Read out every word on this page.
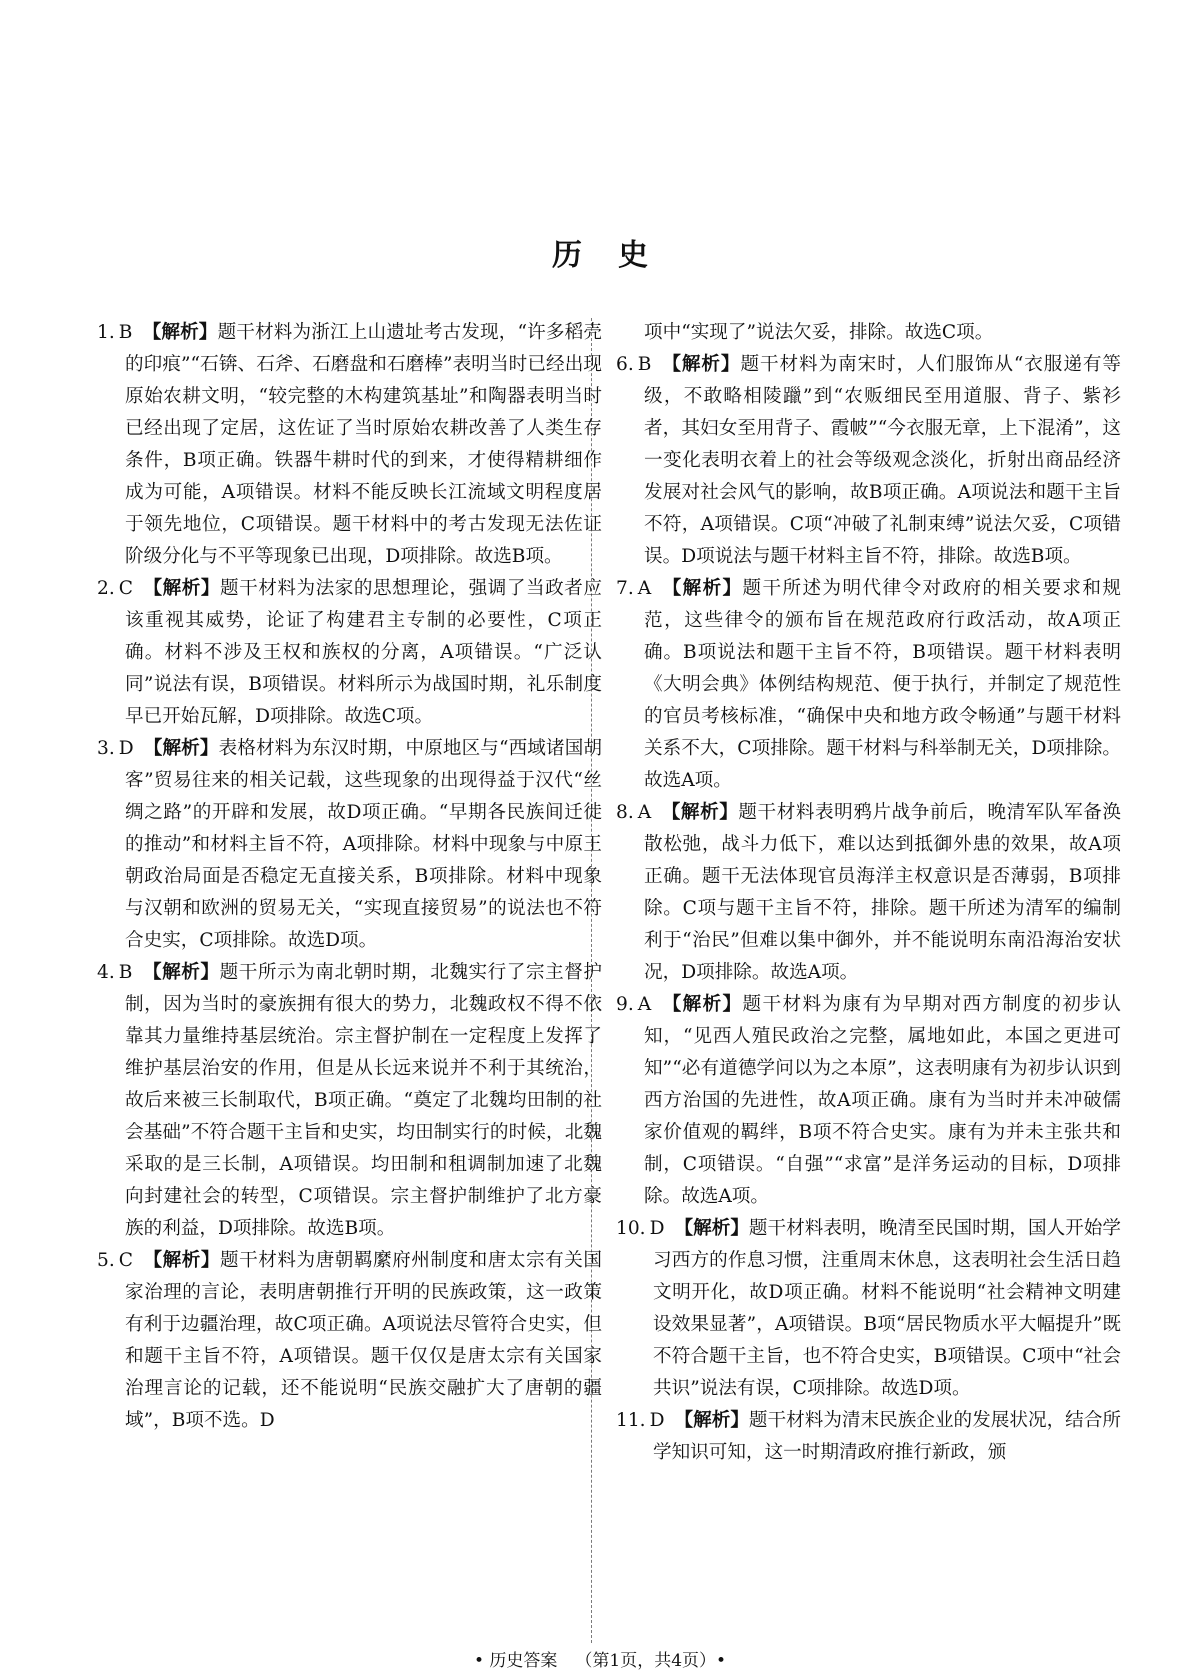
历史

1. B 【解析】题干材料为浙江上山遗址考古发现，“许多稻壳的印痕”“石锛、石斧、石磨盘和石磨棒”表明当时已经出现原始农耕文明，“较完整的木构建筑基址”和陶器表明当时已经出现了定居，这佐证了当时原始农耕改善了人类生存条件，B项正确。铁器牛耕时代的到来，才使得精耕细作成为可能，A项错误。材料不能反映长江流域文明程度居于领先地位，C项错误。题干材料中的考古发现无法佐证阶级分化与不平等现象已出现，D项排除。故选B项。

2. C 【解析】题干材料为法家的思想理论，强调了当政者应该重视其威势，论证了构建君主专制的必要性，C项正确。材料不涉及王权和族权的分离，A项错误。“广泛认同”说法有误，B项错误。材料所示为战国时期，礼乐制度早已开始瓦解，D项排除。故选C项。

3. D 【解析】表格材料为东汉时期，中原地区与“西域诸国胡客”贸易往来的相关记载，这些现象的出现得益于汉代“丝绸之路”的开辟和发展，故D项正确。“早期各民族间迁徙的推动”和材料主旨不符，A项排除。材料中现象与中原王朝政治局面是否稳定无直接关系，B项排除。材料中现象与汉朝和欧洲的贸易无关，“实现直接贸易”的说法也不符合史实，C项排除。故选D项。

4. B 【解析】题干所示为南北朝时期，北魏实行了宗主督护制，因为当时的豪族拥有很大的势力，北魏政权不得不依靠其力量维持基层统治。宗主督护制在一定程度上发挥了维护基层治安的作用，但是从长远来说并不利于其统治，故后来被三长制取代，B项正确。“奠定了北魏均田制的社会基础”不符合题干主旨和史实，均田制实行的时候，北魏采取的是三长制，A项错误。均田制和租调制加速了北魏向封建社会的转型，C项错误。宗主督护制维护了北方豪族的利益，D项排除。故选B项。

5. C 【解析】题干材料为唐朝羁縻府州制度和唐太宗有关国家治理的言论，表明唐朝推行开明的民族政策，这一政策有利于边疆治理，故C项正确。A项说法尽管符合史实，但和题干主旨不符，A项错误。题干仅仅是唐太宗有关国家治理言论的记载，还不能说明“民族交融扩大了唐朝的疆域”，B项不选。D

项中“实现了”说法欠妥，排除。故选C项。

6. B 【解析】题干材料为南宋时，人们服饰从“衣服递有等级，不敢略相陵躐”到“农贩细民至用道服、背子、紫衫者，其妇女至用背子、霞帔”“今衣服无章，上下混淆”，这一变化表明衣着上的社会等级观念淡化，折射出商品经济发展对社会风气的影响，故B项正确。A项说法和题干主旨不符，A项错误。C项“冲破了礼制束缚”说法欠妥，C项错误。D项说法与题干材料主旨不符，排除。故选B项。

7. A 【解析】题干所述为明代律令对政府的相关要求和规范，这些律令的颁布旨在规范政府行政活动，故A项正确。B项说法和题干主旨不符，B项错误。题干材料表明《大明会典》体例结构规范、便于执行，并制定了规范性的官员考核标准，“确保中央和地方政令畅通”与题干材料关系不大，C项排除。题干材料与科举制无关，D项排除。故选A项。

8. A 【解析】题干材料表明鸦片战争前后，晚清军队军备涣散松弛，战斗力低下，难以达到抵御外患的效果，故A项正确。题干无法体现官员海洋主权意识是否薄弱，B项排除。C项与题干主旨不符，排除。题干所述为清军的编制利于“治民”但难以集中御外，并不能说明东南沿海治安状况，D项排除。故选A项。

9. A 【解析】题干材料为康有为早期对西方制度的初步认知，“见西人殖民政治之完整，属地如此，本国之更进可知”“必有道德学问以为之本原”，这表明康有为初步认识到西方治国的先进性，故A项正确。康有为当时并未冲破儒家价值观的羁绊，B项不符合史实。康有为并未主张共和制，C项错误。“自强”“求富”是洋务运动的目标，D项排除。故选A项。

10. D 【解析】题干材料表明，晚清至民国时期，国人开始学习西方的作息习惯，注重周末休息，这表明社会生活日趋文明开化，故D项正确。材料不能说明“社会精神文明建设效果显著”，A项错误。B项“居民物质水平大幅提升”既不符合题干主旨，也不符合史实，B项错误。C项中“社会共识”说法有误，C项排除。故选D项。

11. D 【解析】题干材料为清末民族企业的发展状况，结合所学知识可知，这一时期清政府推行新政，颁

• 历史答案 （第1页，共4页）•
